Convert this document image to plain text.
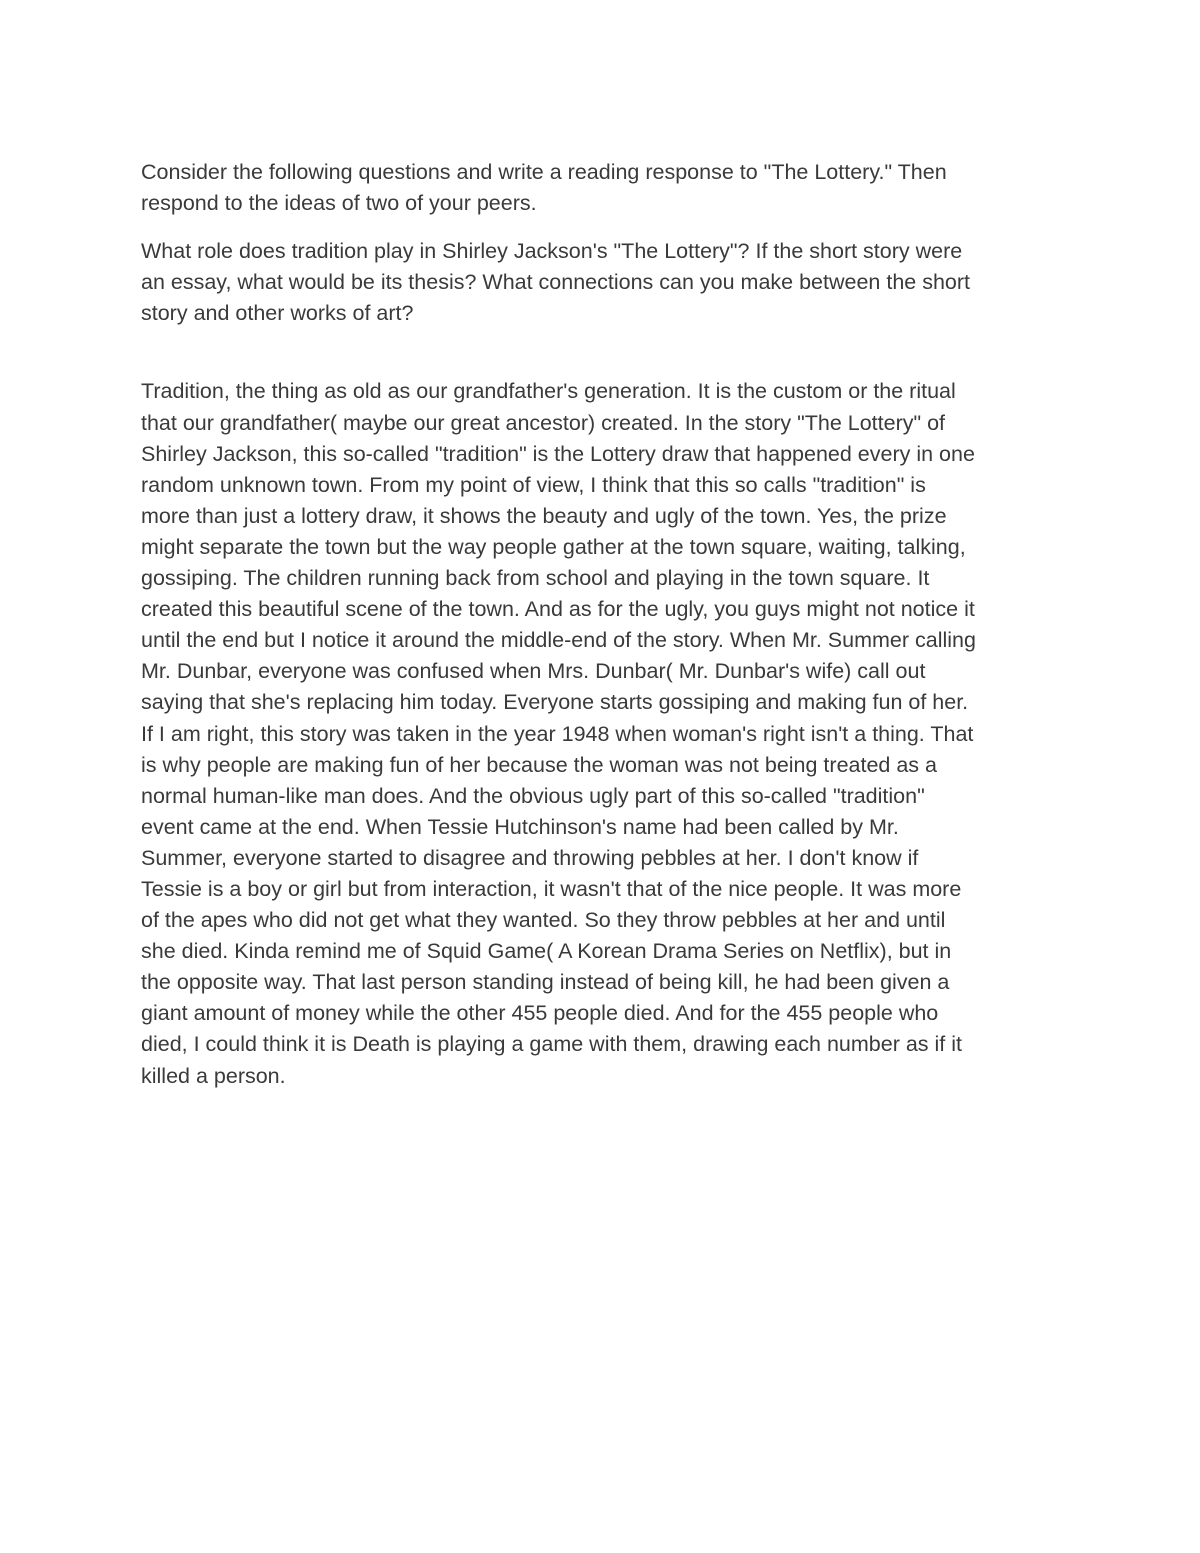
Consider the following questions and write a reading response to "The Lottery." Then
respond to the ideas of two of your peers.

What role does tradition play in Shirley Jackson's "The Lottery"? If the short story were
an essay, what would be its thesis? What connections can you make between the short
story and other works of art?

Tradition, the thing as old as our grandfather's generation. It is the custom or the ritual
that our grandfather( maybe our great ancestor) created. In the story "The Lottery" of
Shirley Jackson, this so-called "tradition" is the Lottery draw that happened every in one
random unknown town. From my point of view, I think that this so calls "tradition" is
more than just a lottery draw, it shows the beauty and ugly of the town. Yes, the prize
might separate the town but the way people gather at the town square, waiting, talking,
gossiping. The children running back from school and playing in the town square. It
created this beautiful scene of the town. And as for the ugly, you guys might not notice it
until the end but I notice it around the middle-end of the story. When Mr. Summer calling
Mr. Dunbar, everyone was confused when Mrs. Dunbar( Mr. Dunbar's wife) call out
saying that she's replacing him today. Everyone starts gossiping and making fun of her.
If I am right, this story was taken in the year 1948 when woman's right isn't a thing. That
is why people are making fun of her because the woman was not being treated as a
normal human-like man does. And the obvious ugly part of this so-called "tradition"
event came at the end. When Tessie Hutchinson's name had been called by Mr.
Summer, everyone started to disagree and throwing pebbles at her. I don't know if
Tessie is a boy or girl but from interaction, it wasn't that of the nice people. It was more
of the apes who did not get what they wanted. So they throw pebbles at her and until
she died. Kinda remind me of Squid Game( A Korean Drama Series on Netflix), but in
the opposite way. That last person standing instead of being kill, he had been given a
giant amount of money while the other 455 people died. And for the 455 people who
died, I could think it is Death is playing a game with them, drawing each number as if it
killed a person.
